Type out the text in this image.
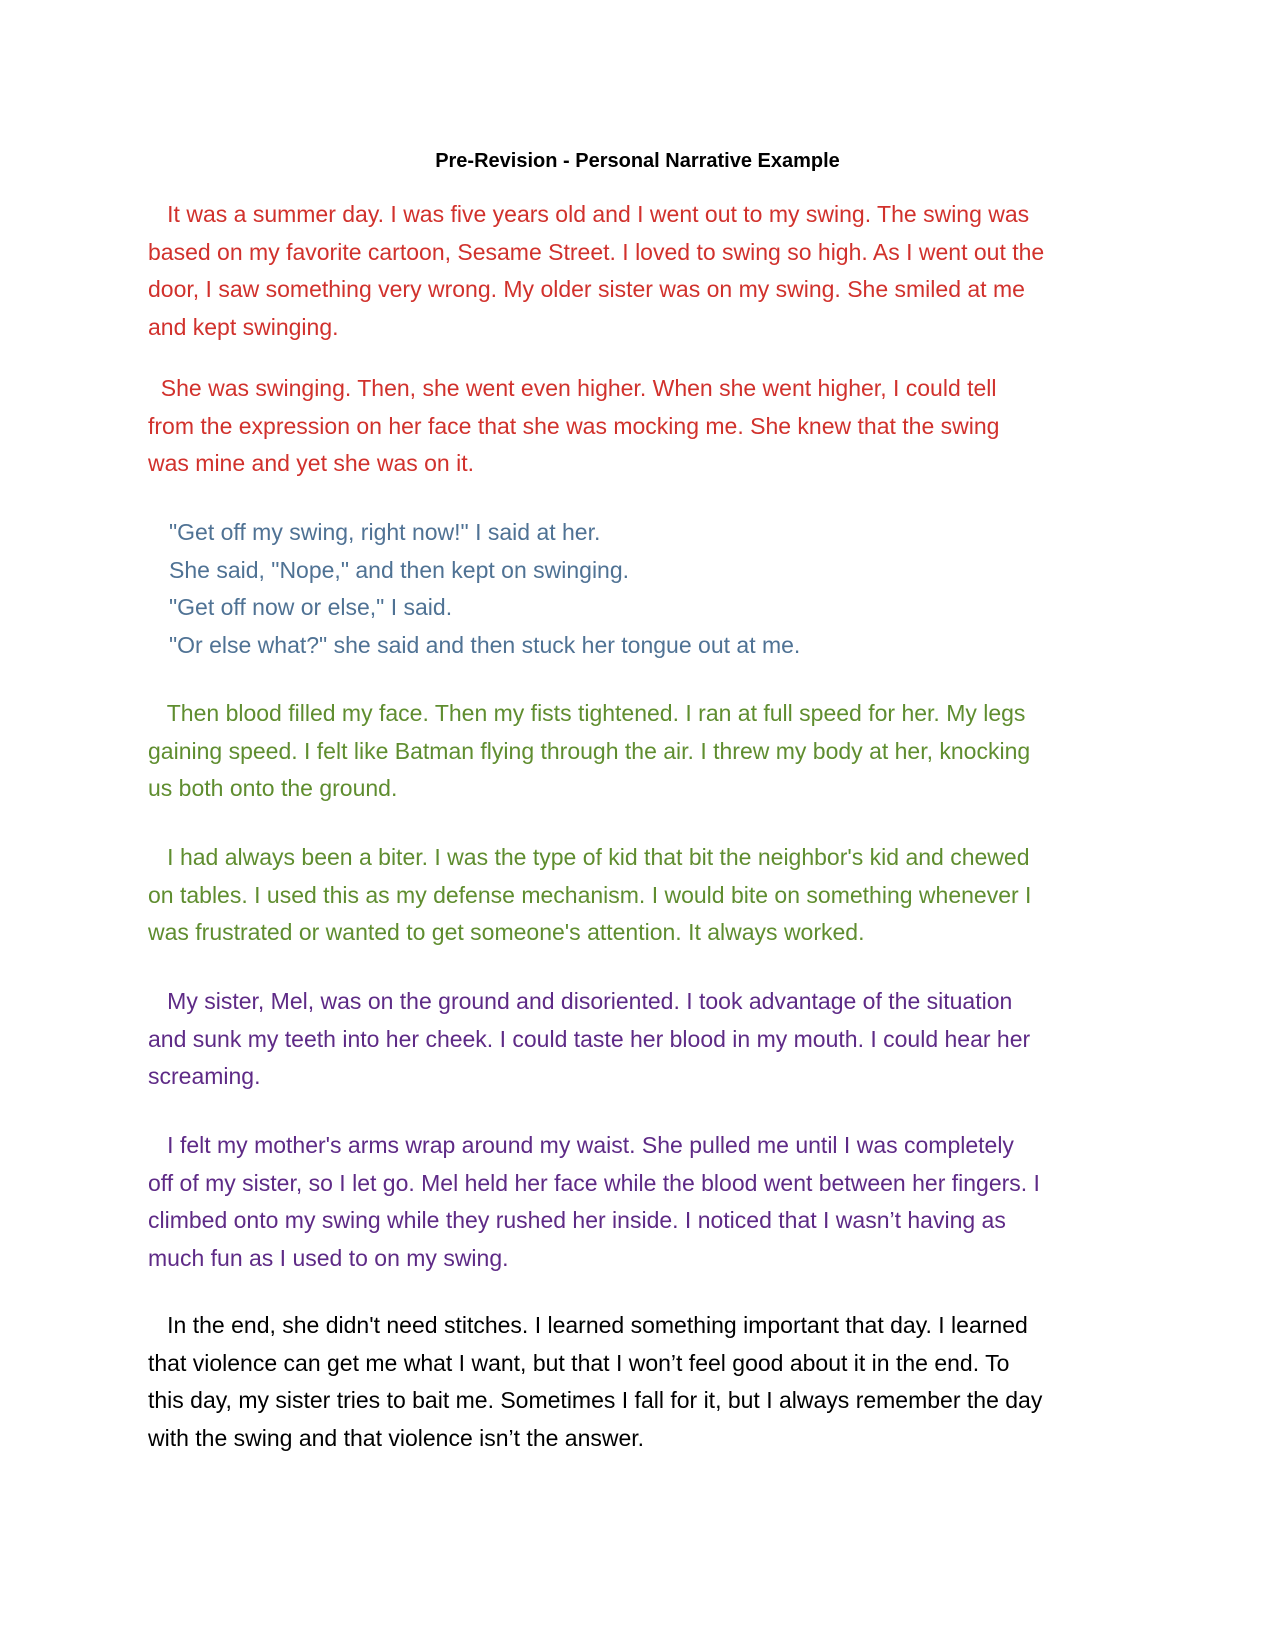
Pre-Revision - Personal Narrative Example
It was a summer day. I was five years old and I went out to my swing. The swing was
based on my favorite cartoon, Sesame Street. I loved to swing so high. As I went out the
door, I saw something very wrong. My older sister was on my swing. She smiled at me
and kept swinging.
She was swinging. Then, she went even higher. When she went higher, I could tell
from the expression on her face that she was mocking me. She knew that the swing
was mine and yet she was on it.
"Get off my swing, right now!" I said at her.
She said, "Nope," and then kept on swinging.
"Get off now or else," I said.
"Or else what?" she said and then stuck her tongue out at me.
Then blood filled my face. Then my fists tightened. I ran at full speed for her. My legs
gaining speed. I felt like Batman flying through the air. I threw my body at her, knocking
us both onto the ground.
I had always been a biter. I was the type of kid that bit the neighbor's kid and chewed
on tables. I used this as my defense mechanism. I would bite on something whenever I
was frustrated or wanted to get someone's attention. It always worked.
My sister, Mel, was on the ground and disoriented. I took advantage of the situation
and sunk my teeth into her cheek. I could taste her blood in my mouth. I could hear her
screaming.
I felt my mother's arms wrap around my waist. She pulled me until I was completely
off of my sister, so I let go. Mel held her face while the blood went between her fingers. I
climbed onto my swing while they rushed her inside. I noticed that I wasn’t having as
much fun as I used to on my swing.
In the end, she didn't need stitches. I learned something important that day. I learned
that violence can get me what I want, but that I won’t feel good about it in the end. To
this day, my sister tries to bait me. Sometimes I fall for it, but I always remember the day
with the swing and that violence isn’t the answer.
